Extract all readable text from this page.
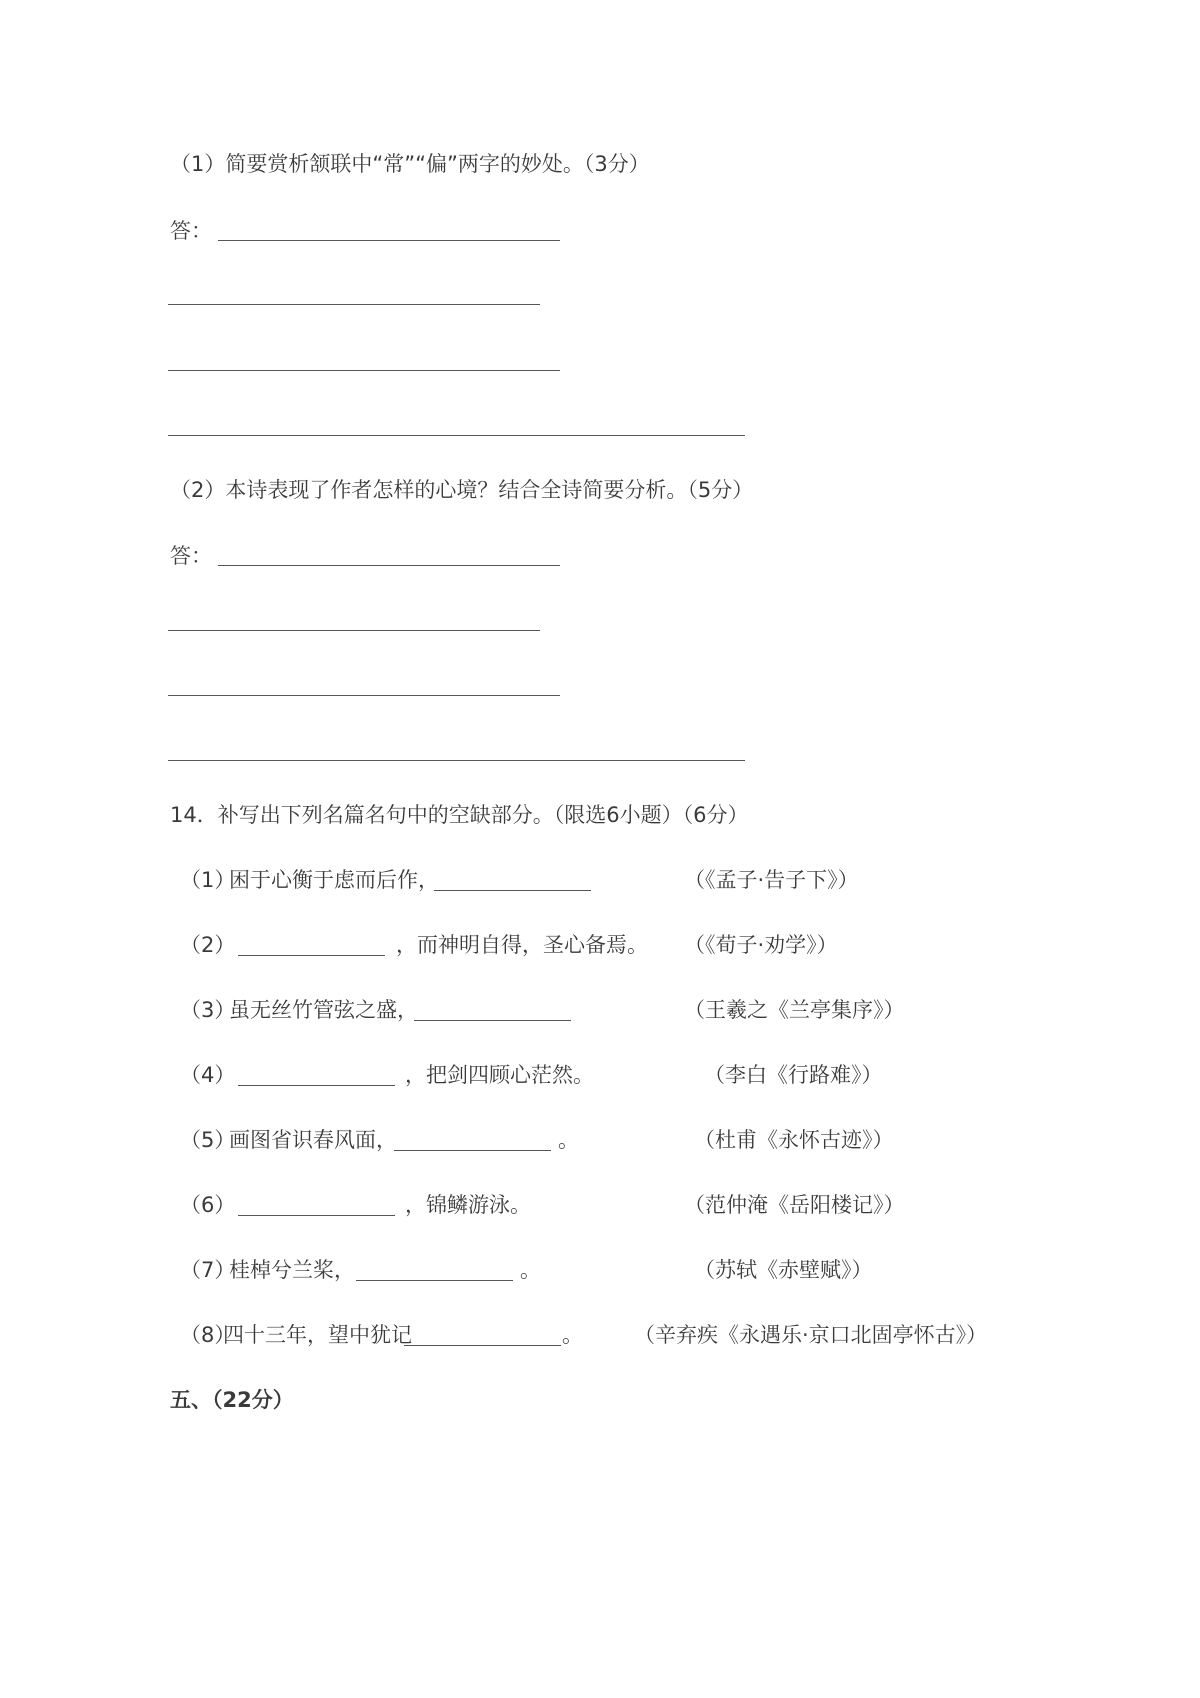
（1）简要赏析颔联中“常”“偏”两字的妙处。（3分）
答：
（2）本诗表现了作者怎样的心境？结合全诗简要分析。（5分）
答：
14．补写出下列名篇名句中的空缺部分。（限选6小题）（6分）
（1）
困于心衡于虑而后作，	（《孟子·告子下》）
（2）	，而神明自得，圣心备焉。 （《荀子·劝学》）
（3）
虽无丝竹管弦之盛，	（王羲之《兰亭集序》）
（4）	，把剑四顾心茫然。	（李白《行路难》）
（5）
画图省识春风面，	。	（杜甫《永怀古迹》）
（6）	，锦鳞游泳。	（范仲淹《岳阳楼记》）
（7）
桂棹兮兰桨，	。	（苏轼《赤壁赋》）
（8）
四十三年，望中犹记	。 （辛弃疾《永遇乐·京口北固亭怀古》）
五、（22分）
